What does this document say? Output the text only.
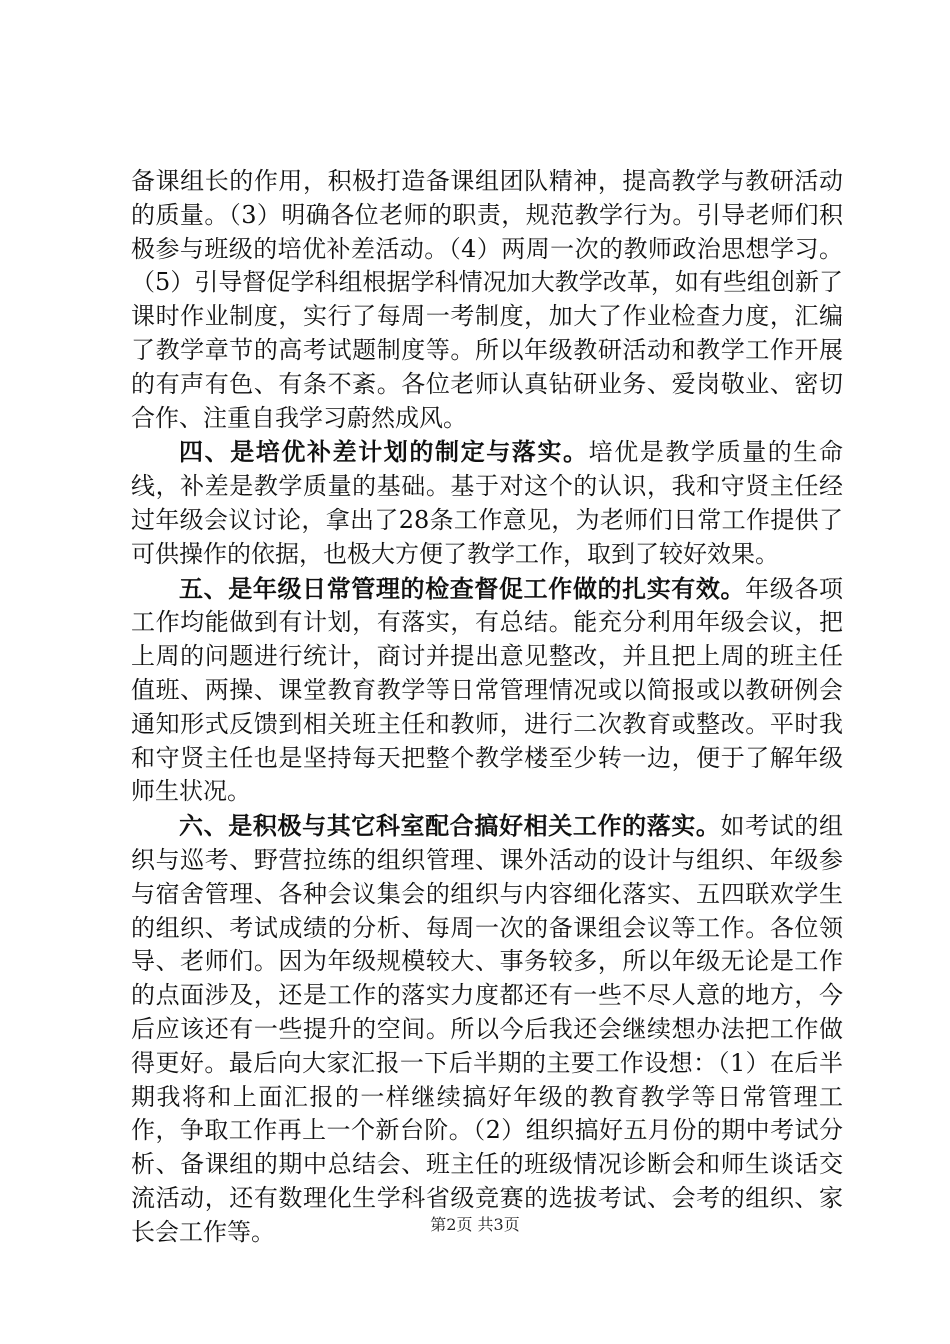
备课组长的作用，积极打造备课组团队精神，提高教学与教研活动的质量。（3）明确各位老师的职责，规范教学行为。引导老师们积极参与班级的培优补差活动。（4）两周一次的教师政治思想学习。（5）引导督促学科组根据学科情况加大教学改革，如有些组创新了课时作业制度，实行了每周一考制度，加大了作业检查力度，汇编了教学章节的高考试题制度等。所以年级教研活动和教学工作开展的有声有色、有条不紊。各位老师认真钻研业务、爱岗敬业、密切合作、注重自我学习蔚然成风。

四、是培优补差计划的制定与落实。培优是教学质量的生命线，补差是教学质量的基础。基于对这个的认识，我和守贤主任经过年级会议讨论，拿出了28条工作意见，为老师们日常工作提供了可供操作的依据，也极大方便了教学工作，取到了较好效果。

五、是年级日常管理的检查督促工作做的扎实有效。年级各项工作均能做到有计划，有落实，有总结。能充分利用年级会议，把上周的问题进行统计，商讨并提出意见整改，并且把上周的班主任值班、两操、课堂教育教学等日常管理情况或以简报或以教研例会通知形式反馈到相关班主任和教师，进行二次教育或整改。平时我和守贤主任也是坚持每天把整个教学楼至少转一边，便于了解年级师生状况。

六、是积极与其它科室配合搞好相关工作的落实。如考试的组织与巡考、野营拉练的组织管理、课外活动的设计与组织、年级参与宿舍管理、各种会议集会的组织与内容细化落实、五四联欢学生的组织、考试成绩的分析、每周一次的备课组会议等工作。各位领导、老师们。因为年级规模较大、事务较多，所以年级无论是工作的点面涉及，还是工作的落实力度都还有一些不尽人意的地方，今后应该还有一些提升的空间。所以今后我还会继续想办法把工作做得更好。最后向大家汇报一下后半期的主要工作设想：（1）在后半期我将和上面汇报的一样继续搞好年级的教育教学等日常管理工作，争取工作再上一个新台阶。（2）组织搞好五月份的期中考试分析、备课组的期中总结会、班主任的班级情况诊断会和师生谈话交流活动，还有数理化生学科省级竞赛的选拔考试、会考的组织、家长会工作等。	第2页 共3页
